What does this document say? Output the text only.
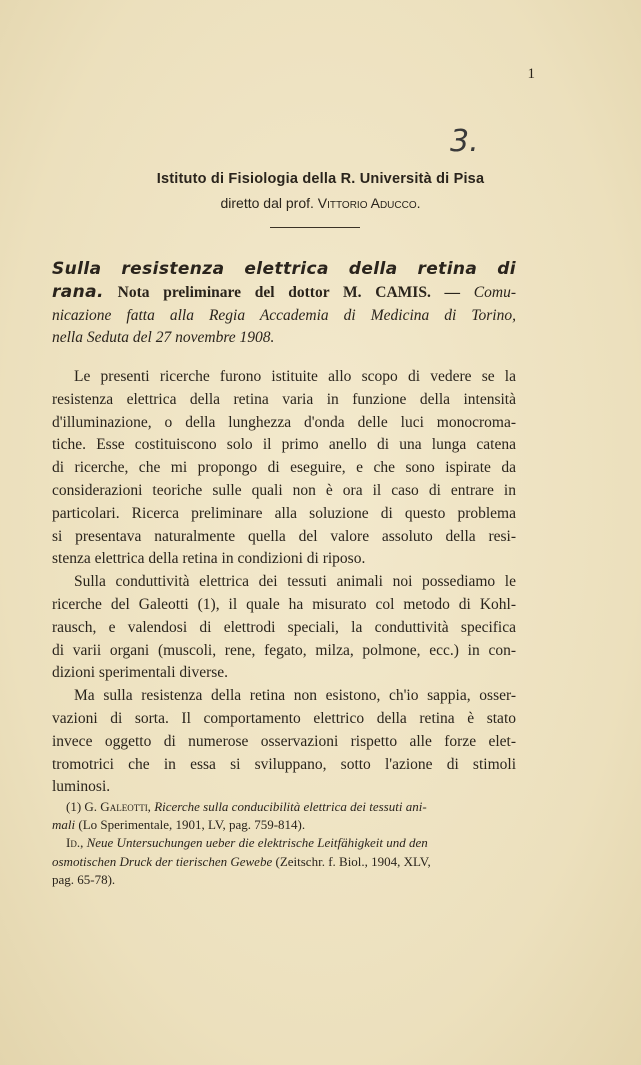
1
3.
Istituto di Fisiologia della R. Università di Pisa
diretto dal prof. Vittorio Aducco.
Sulla resistenza elettrica della retina di
rana. Nota preliminare del dottor M. CAMIS. — Comu-
nicazione fatta alla Regia Accademia di Medicina di Torino,
nella Seduta del 27 novembre 1908.
Le presenti ricerche furono istituite allo scopo di vedere se la
resistenza elettrica della retina varia in funzione della intensità
d'illuminazione, o della lunghezza d'onda delle luci monocroma-
tiche. Esse costituiscono solo il primo anello di una lunga catena
di ricerche, che mi propongo di eseguire, e che sono ispirate da
considerazioni teoriche sulle quali non è ora il caso di entrare in
particolari. Ricerca preliminare alla soluzione di questo problema
si presentava naturalmente quella del valore assoluto della resi-
stenza elettrica della retina in condizioni di riposo.
Sulla conduttività elettrica dei tessuti animali noi possediamo le
ricerche del Galeotti (1), il quale ha misurato col metodo di Kohl-
rausch, e valendosi di elettrodi speciali, la conduttività specifica
di varii organi (muscoli, rene, fegato, milza, polmone, ecc.) in con-
dizioni sperimentali diverse.
Ma sulla resistenza della retina non esistono, ch'io sappia, osser-
vazioni di sorta. Il comportamento elettrico della retina è stato
invece oggetto di numerose osservazioni rispetto alle forze elet-
tromotrici che in essa si sviluppano, sotto l'azione di stimoli
luminosi.
(1) G. Galeotti, Ricerche sulla conducibilità elettrica dei tessuti ani-
mali (Lo Sperimentale, 1901, LV, pag. 759-814).
Id., Neue Untersuchungen ueber die elektrische Leitfähigkeit und den
osmotischen Druck der tierischen Gewebe (Zeitschr. f. Biol., 1904, XLV,
pag. 65-78).
